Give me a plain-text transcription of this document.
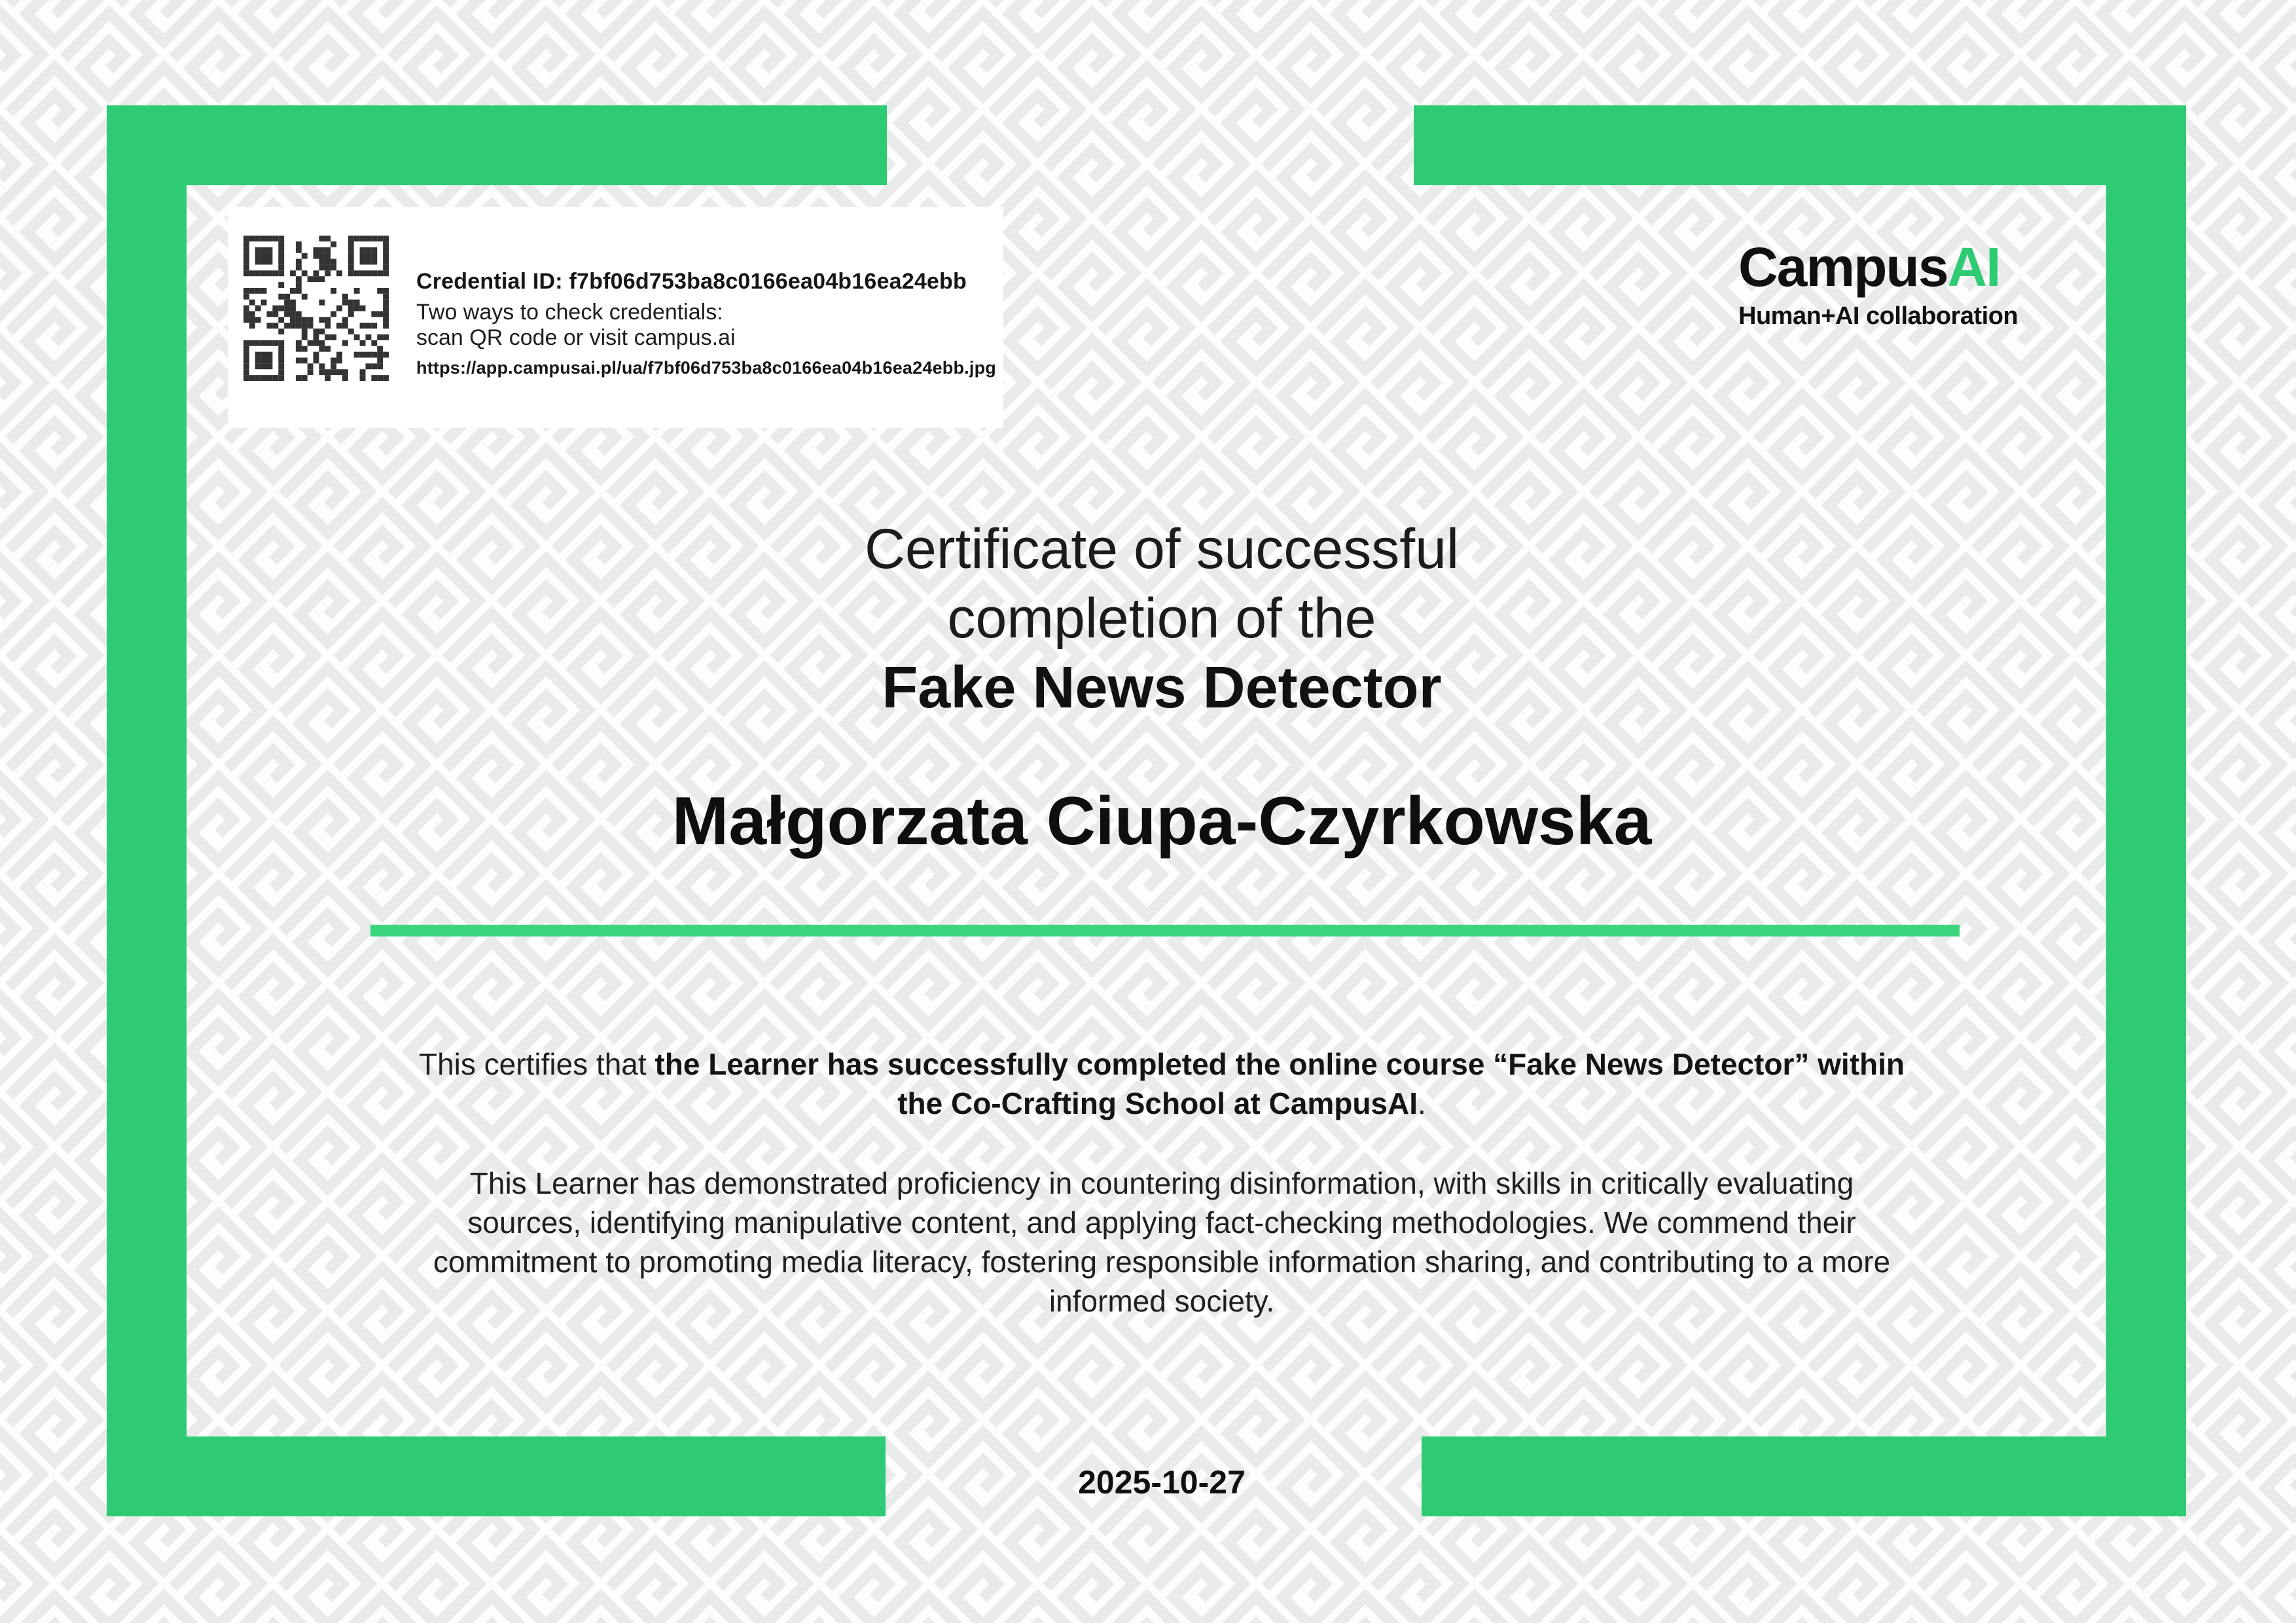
Credential ID: f7bf06d753ba8c0166ea04b16ea24ebb
Two ways to check credentials:
scan QR code or visit campus.ai
https://app.campusai.pl/ua/f7bf06d753ba8c0166ea04b16ea24ebb.jpg
CampusAI
Human+AI collaboration
Certificate of successful
completion of the
Fake News Detector
Małgorzata Ciupa-Czyrkowska

This certifies that the Learner has successfully completed the online course “Fake News Detector” within the Co-Crafting School at CampusAI.

This Learner has demonstrated proficiency in countering disinformation, with skills in critically evaluating sources, identifying manipulative content, and applying fact-checking methodologies. We commend their commitment to promoting media literacy, fostering responsible information sharing, and contributing to a more informed society.

2025-10-27
